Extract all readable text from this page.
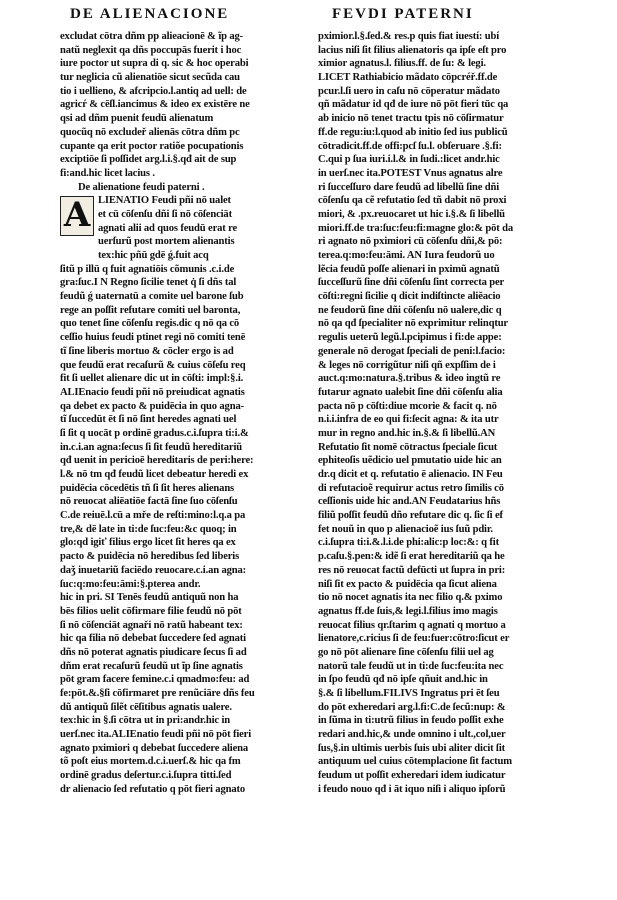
DE ALIENACIONE	FEVDI PATERNI
excludat cōtra dñm pp alieacionē & ĩp ag-
natũ neglexit qa dñs poccupās fuerit i hoc
iure poctor ut supra di q. sic & hoc operabi
tur neglicia cũ alienatiōe sicut secũda cau
tio i uellieno, & afcripcio.l.antiq ad uell: de
agricŕ & cēſl.iancimus & ideo ex existēre ne
qsi ad dñm puenit feudū alienatum
quocũq nō excludeř alienās cōtra dñm pc
cupante qa erit poctor ratiõe pocupationis
exciptiōe ſi poſſidet arg.l.i.§.qđ ait de sup
fi:and.hic licet lacius .
De alienatione feudi paterni .
A LIENATIO Feudi pñi nō ualet
et cū cōſenſu dñi ſi nō cōſenciāt
agnati alii ad quos feudū erat re
uerſurũ post mortem alienantis
tex:hic pñū gdē ǵ.fuit acq
ſitũ p illū q fuit agnatiōis cõmunis .c.i.de
gra:ſuc.I N Regno ſicilie tenet q̇ ſi dñs tal
feudũ ǵ uaternatū a comite uel barone ſub
rege an poſſit refutare comiti uel baronta,
quo tenet ſine cōſenſu regis.dic q nō qa cō
ceſſio huius feudi ptinet regi nō comiti tenē
tĩ ſine liberis mortuo & cōcler ergo is ad
que feudũ erat recaſurũ & cuius cōſeſu req
fit ſi uellet alienare dic ut in cōſti: impl:§.i.
ALIEnacio feudi pñi nō preiudicat agnatis
qa debet ex pacto & puidēcia in quo agna-
tĩ ſuccedūt ēt ſi nō ſint heredes agnati uel
ſi ſit q uocāt p ordinē gradus.c.i.ſupra ti:i.&
in.c.i.an agna:ſecus ſi ſit feudũ hereditariũ
qđ uenit in pericioē hereditaris de peri:here:
l.& nō tm qđ feudũ licet debeatur heredi ex
puidēcia cōcedētis tñ ſi ſit heres alienans
nō reuocat aliēatiōe factā ſine ſuo cōſenſu
C.de reiuē.l.cū a mře de reſti:mino:l.q.a pa
tre,& dē late in ti:de ſuc:feu:&c quoq; in
glo:qd igiť filius ergo licet ſit heres qa ex
pacto & puidēcia nō heredibus ſed liberis
daǯ inuetariũ faciēdo reuocare.c.i.an agna:
ſuc:q:mo:feu:āmi:§.pterea andr.
hic in pri. SI Tenēs feudũ antiquũ non ha
bēs filios uelit cōfirmare filie feudũ nō pōt
ſi nō cōſenciāt agnaři nō ratũ habeant tex:
hic qa filia nō debebat ſuccedere ſed agnati
dñs nō poterat agnatis piudicare ſecus ſi ad
dñm erat recaſurũ feudũ ut ĩp ſine agnatis
pōt gram facere femine.c.i qmadmo:feu: ad
fe:pōt.&.§ſi cōfirmaret pre renũciāre dñs feu
dũ antiquũ ſilẽt cēſitibus agnatis ualere.
tex:hic in §.ſi cōtra ut in pri:andr.hic in
uerſ.nec ita.ALIEnatio feudi pñi nō pōt fieri
agnato pximiori q debebat ſuccedere aliena
tõ poſt eius mortem.d.c.i.uerſ.& hic qa fm
ordinē gradus deſertur.c.i.ſupra titti.ſed
dr alienacio ſed refutatio q pōt fieri agnato
pximior.l.§.ſed.& res.p quis fiat iuestí: ubí
lacius niſi ſit filius alienatoris qa ipſe eſt pro
ximior agnatus.l. filius.ff. de ſu: & legi.
LICET Rathiabicio mãdato cōpcréř.ff.de
pcur.l.ſi uero in caſu nō cōperatur mãdato
qñ mãdatur id qđ de iure nō pōt fieri tūc qa
ab inicio nō tenet tractu tpis nō cōſirmatur
ff.de regu:iu:l.quod ab initio ſed ius publicũ
cōtradicit.ff.de offi:pcſ ſu.l. obſeruare .§.fi:
C.qui p ſua iuri.i.l.& in ſudi.:licet andr.hic
in uerſ.nec ita.POTEST Vnus agnatus alre
ri ſucceſſuro dare feudũ ad libellũ ſine dñi
cōſenſu qa cẽ refutatio ſed tñ dabit nō proxi
miori, & .px.reuocaret ut hic i.§.& ſi libellũ
miori.ff.de tra:ſuc:feu:fi:magne glo:& pōt da
ri agnato nō pximiori cū cōſenſu dñi,& pō:
terea.q:mo:feu:āmi. AN Iura feudorũ uo
lẽcia feudũ poſſe alienari in pximũ agnatũ
ſucceſſurũ ſine dñi cōſenſu ſint correcta per
cōſti:regni ſicilie q dicit indiſtincte aliĕacio
ne feudorũ ſine dñi cōſenſu nō ualere,dic q
nō qa qđ ſpecialiter nō exprimitur relinqtur
regulis ueterũ legũ.l.pcipimus i fi:de appe:
generale nō derogat ſpeciali de peni:l.facio:
& leges nō corrigũtur niſi qñ expſſim de i
auct.q:mo:natura.§.tribus & ideo ingtũ re
futarur agnato ualebit ſine dñi cōſenſu alia
pacta nō p cōſti:diue mcorie & facit q. nō
n.i.i.infra de eo qui fi:ſecit agna: & ita utr
mur in regno and.hic in.§.& ſi libellũ.AN
Refutatio ſit nomē cōtractus ſpeciale ſicut
ephiteoſis uẽdicio uel pmutatio uide hic an
dr.q dicit et q. refutatio ē alienacio. IN Feu
di refutacioẽ requirur actus retro ſimilis cō
ceſſionis uide hic and.AN Feudatarius hñs
filiũ poſſit feudũ dño refutare dic q. ſic ſi ef
fet nouũ in quo p alienacioẽ ius ſuũ pdir.
c.i.ſupra ti:i.&.l.i.de phi:alic:p loc:&: q fit
p.caſu.§.pen:& idẽ ſi erat hereditariũ qa he
res nō reuocat factũ defūcti ut ſupra in pri:
niſi ſit ex pacto & puidēcia qa ſicut aliena
tio nō nocet agnatis ita nec filio q.& pximo
agnatus ff.de ſuis,& legi.l.filius imo magis
reuocat filius qr.ſtarim q agnati q mortuo a
lienatore,c.ricius ſi de feu:fuer:cōtro:ſicut er
go nō pōt alienare ſine cōſenſu filii uel ag
natorũ tale feudũ ut in ti:de ſuc:feu:ita nec
in ſpo feudū qđ nō ipſe qñuit and.hic in
§.& ſi libellum.FILIVS Ingratus pri ēt ſeu
do pōt exheredari arg.l.fi:C.de ſecũ:nup: &
in ſũma in ti:utrũ filius in feudo poſſit exhe
redari and.hic,& unde omnino i ult.,col,uer
ſus,§.in ultimis uerbis ſuis ubi aliter dicit ſit
antiquum uel cuius cōtemplacione ſit factum
feudum ut poſſit exheredari idem iudicatur
i feudo nouo qđ i āt iquo niſi i aliquo ipſorũ
